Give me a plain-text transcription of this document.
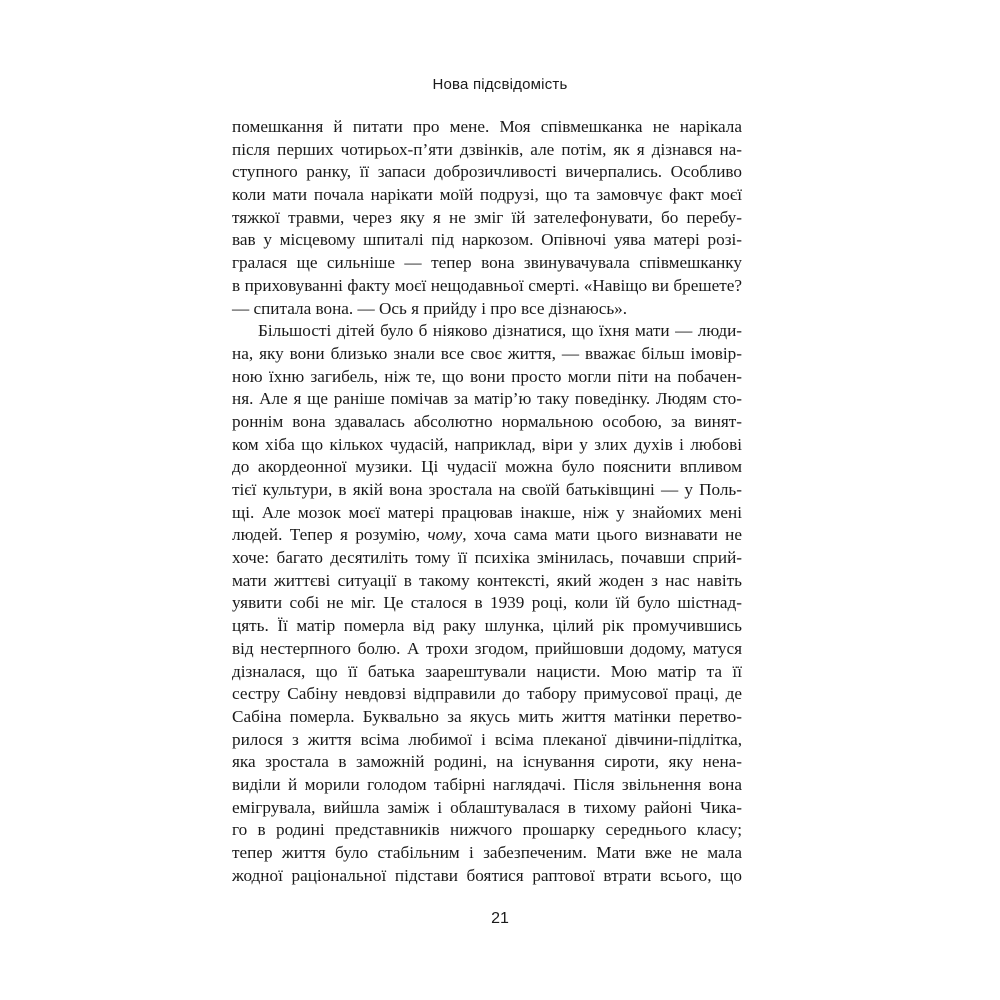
Нова підсвідомість
помешкання й питати про мене. Моя співмешканка не нарікала
після перших чотирьох-п’яти дзвінків, але потім, як я дізнався на-
ступного ранку, її запаси доброзичливості вичерпались. Особливо
коли мати почала нарікати моїй подрузі, що та замовчує факт моєї
тяжкої травми, через яку я не зміг їй зателефонувати, бо перебу-
вав у місцевому шпиталі під наркозом. Опівночі уява матері розі-
гралася ще сильніше — тепер вона звинувачувала співмешканку
в приховуванні факту моєї нещодавньої смерті. «Навіщо ви брешете?
— спитала вона. — Ось я прийду і про все дізнаюсь».
Більшості дітей було б ніяково дізнатися, що їхня мати — люди-
на, яку вони близько знали все своє життя, — вважає більш імовір-
ною їхню загибель, ніж те, що вони просто могли піти на побачен-
ня. Але я ще раніше помічав за матір’ю таку поведінку. Людям сто-
роннім вона здавалась абсолютно нормальною особою, за винят-
ком хіба що кількох чудасій, наприклад, віри у злих духів і любові
до акордеонної музики. Ці чудасії можна було пояснити впливом
тієї культури, в якій вона зростала на своїй батьківщині — у Поль-
щі. Але мозок моєї матері працював інакше, ніж у знайомих мені
людей. Тепер я розумію, чому, хоча сама мати цього визнавати не
хоче: багато десятиліть тому її психіка змінилась, почавши сприй-
мати життєві ситуації в такому контексті, який жоден з нас навіть
уявити собі не міг. Це сталося в 1939 році, коли їй було шістнад-
цять. Її матір померла від раку шлунка, цілий рік промучившись
від нестерпного болю. А трохи згодом, прийшовши додому, матуся
дізналася, що її батька заарештували нацисти. Мою матір та її
сестру Сабіну невдовзі відправили до табору примусової праці, де
Сабіна померла. Буквально за якусь мить життя матінки перетво-
рилося з життя всіма любимої і всіма плеканої дівчини-підлітка,
яка зростала в заможній родині, на існування сироти, яку нена-
виділи й морили голодом табірні наглядачі. Після звільнення вона
емігрувала, вийшла заміж і облаштувалася в тихому районі Чика-
го в родині представників нижчого прошарку середнього класу;
тепер життя було стабільним і забезпеченим. Мати вже не мала
жодної раціональної підстави боятися раптової втрати всього, що
21
